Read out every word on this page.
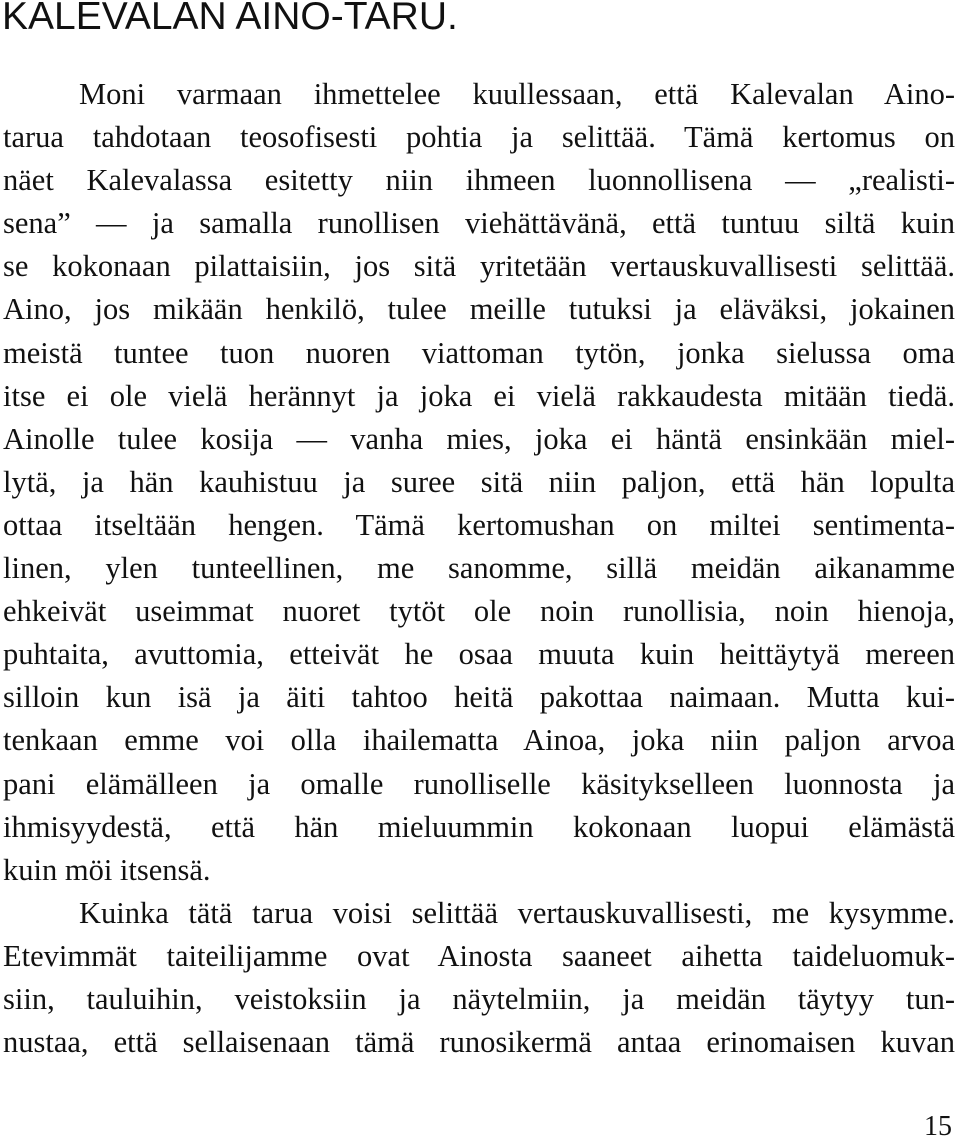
KALEVALAN AINO-TARU.
Moni varmaan ihmettelee kuullessaan, että Kalevalan Aino-
tarua tahdotaan teosofisesti pohtia ja selittää. Tämä kertomus on
näet Kalevalassa esitetty niin ihmeen luonnollisena — „realisti-
sena” — ja samalla runollisen viehättävänä, että tuntuu siltä kuin
se kokonaan pilattaisiin, jos sitä yritetään vertauskuvallisesti selittää.
Aino, jos mikään henkilö, tulee meille tutuksi ja eläväksi, jokainen
meistä tuntee tuon nuoren viattoman tytön, jonka sielussa oma
itse ei ole vielä herännyt ja joka ei vielä rakkaudesta mitään tiedä.
Ainolle tulee kosija — vanha mies, joka ei häntä ensinkään miel-
lytä, ja hän kauhistuu ja suree sitä niin paljon, että hän lopulta
ottaa itseltään hengen. Tämä kertomushan on miltei sentimenta-
linen, ylen tunteellinen, me sanomme, sillä meidän aikanamme
ehkeivät useimmat nuoret tytöt ole noin runollisia, noin hienoja,
puhtaita, avuttomia, etteivät he osaa muuta kuin heittäytyä mereen
silloin kun isä ja äiti tahtoo heitä pakottaa naimaan. Mutta kui-
tenkaan emme voi olla ihailematta Ainoa, joka niin paljon arvoa
pani elämälleen ja omalle runolliselle käsitykselleen luonnosta ja
ihmisyydestä, että hän mieluummin kokonaan luopui elämästä
kuin möi itsensä.
Kuinka tätä tarua voisi selittää vertauskuvallisesti, me kysymme.
Etevimmät taiteilijamme ovat Ainosta saaneet aihetta taideluomuk-
siin, tauluihin, veistoksiin ja näytelmiin, ja meidän täytyy tun-
nustaa, että sellaisenaan tämä runosikermä antaa erinomaisen kuvan
15
